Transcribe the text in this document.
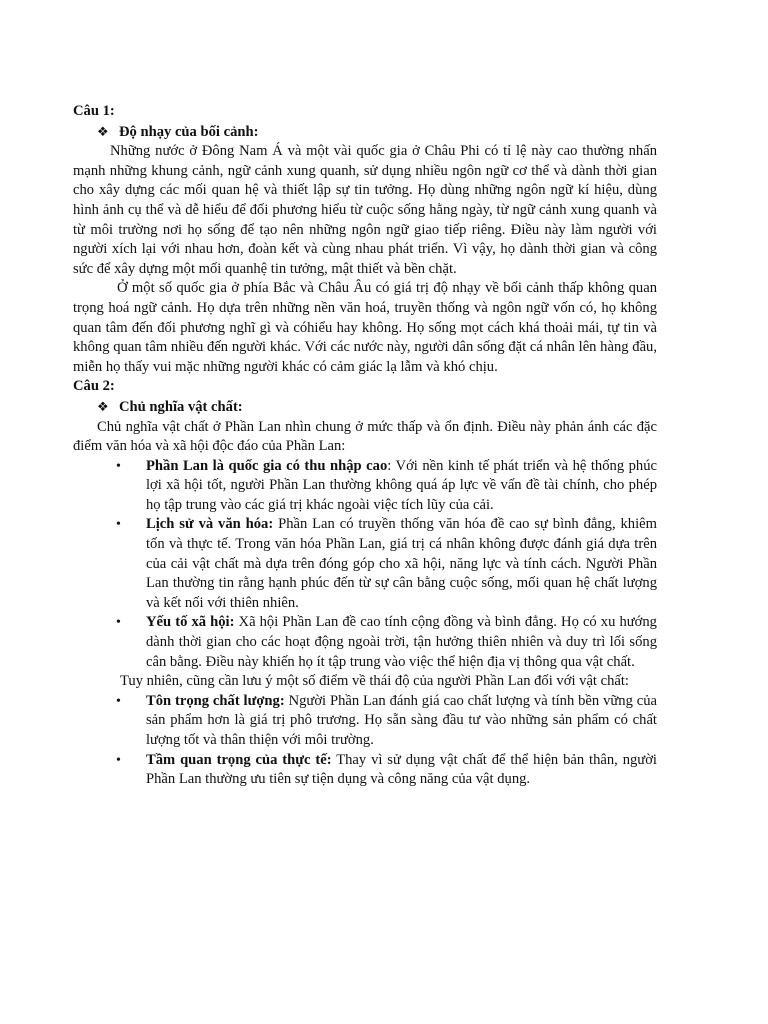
Câu 1:
❖ Độ nhạy của bối cảnh:

Những nước ở Đông Nam Á và một vài quốc gia ở Châu Phi có tỉ lệ này cao thường nhấn mạnh những khung cảnh, ngữ cảnh xung quanh, sử dụng nhiều ngôn ngữ cơ thể và dành thời gian cho xây dựng các mối quan hệ và thiết lập sự tin tưởng. Họ dùng những ngôn ngữ kí hiệu, dùng hình ảnh cụ thể và dễ hiểu để đối phương hiểu từ cuộc sống hằng ngày, từ ngữ cảnh xung quanh và từ môi trường nơi họ sống để tạo nên những ngôn ngữ giao tiếp riêng. Điều này làm người với người xích lại với nhau hơn, đoàn kết và cùng nhau phát triển. Vì vậy, họ dành thời gian và công sức để xây dựng một mối quanhệ tin tưởng, mật thiết và bền chặt.

Ở một số quốc gia ở phía Bắc và Châu Âu có giá trị độ nhạy về bối cảnh thấp không quan trọng hoá ngữ cảnh. Họ dựa trên những nền văn hoá, truyền thống và ngôn ngữ vốn có, họ không quan tâm đến đối phương nghĩ gì và cóhiểu hay không. Họ sống mọt cách khá thoải mái, tự tin và không quan tâm nhiều đến người khác. Với các nước này, người dân sống đặt cá nhân lên hàng đầu, miễn họ thấy vui mặc những người khác có cảm giác lạ lẫm và khó chịu.

Câu 2:
❖ Chủ nghĩa vật chất:

Chủ nghĩa vật chất ở Phần Lan nhìn chung ở mức thấp và ổn định. Điều này phản ánh các đặc điểm văn hóa và xã hội độc đáo của Phần Lan:

• Phần Lan là quốc gia có thu nhập cao: Với nền kinh tế phát triển và hệ thống phúc lợi xã hội tốt, người Phần Lan thường không quá áp lực về vấn đề tài chính, cho phép họ tập trung vào các giá trị khác ngoài việc tích lũy của cải.
• Lịch sử và văn hóa: Phần Lan có truyền thống văn hóa đề cao sự bình đẳng, khiêm tốn và thực tế. Trong văn hóa Phần Lan, giá trị cá nhân không được đánh giá dựa trên của cải vật chất mà dựa trên đóng góp cho xã hội, năng lực và tính cách. Người Phần Lan thường tin rằng hạnh phúc đến từ sự cân bằng cuộc sống, mối quan hệ chất lượng và kết nối với thiên nhiên.
• Yếu tố xã hội: Xã hội Phần Lan đề cao tính cộng đồng và bình đẳng. Họ có xu hướng dành thời gian cho các hoạt động ngoài trời, tận hưởng thiên nhiên và duy trì lối sống cân bằng. Điều này khiến họ ít tập trung vào việc thể hiện địa vị thông qua vật chất.

Tuy nhiên, cũng cần lưu ý một số điểm về thái độ của người Phần Lan đối với vật chất:

• Tôn trọng chất lượng: Người Phần Lan đánh giá cao chất lượng và tính bền vững của sản phẩm hơn là giá trị phô trương. Họ sẵn sàng đầu tư vào những sản phẩm có chất lượng tốt và thân thiện với môi trường.
• Tầm quan trọng của thực tế: Thay vì sử dụng vật chất để thể hiện bản thân, người Phần Lan thường ưu tiên sự tiện dụng và công năng của vật dụng.
